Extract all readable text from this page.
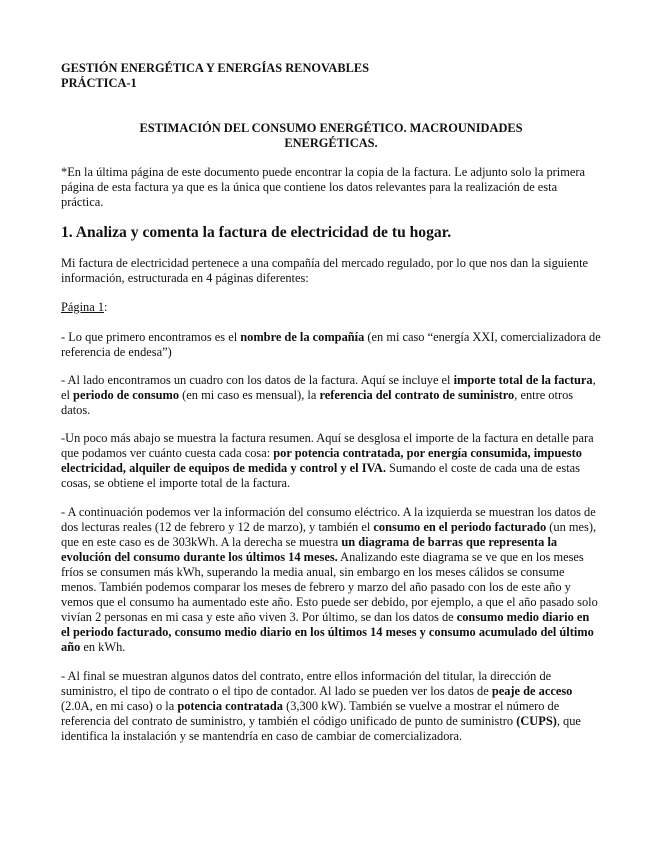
GESTIÓN ENERGÉTICA Y ENERGÍAS RENOVABLES
PRÁCTICA-1
ESTIMACIÓN DEL CONSUMO ENERGÉTICO. MACROUNIDADES
ENERGÉTICAS.

*En la última página de este documento puede encontrar la copia de la factura. Le adjunto solo la primera página de esta factura ya que es la única que contiene los datos relevantes para la realización de esta práctica.

1. Analiza y comenta la factura de electricidad de tu hogar.

Mi factura de electricidad pertenece a una compañía del mercado regulado, por lo que nos dan la siguiente información, estructurada en 4 páginas diferentes:

Página 1:

- Lo que primero encontramos es el nombre de la compañía (en mi caso “energía XXI, comercializadora de referencia de endesa”)

- Al lado encontramos un cuadro con los datos de la factura. Aquí se incluye el importe total de la factura, el periodo de consumo (en mi caso es mensual), la referencia del contrato de suministro, entre otros datos.

-Un poco más abajo se muestra la factura resumen. Aquí se desglosa el importe de la factura en detalle para que podamos ver cuánto cuesta cada cosa: por potencia contratada, por energía consumida, impuesto electricidad, alquiler de equipos de medida y control y el IVA. Sumando el coste de cada una de estas cosas, se obtiene el importe total de la factura.

- A continuación podemos ver la información del consumo eléctrico. A la izquierda se muestran los datos de dos lecturas reales (12 de febrero y 12 de marzo), y también el consumo en el periodo facturado (un mes), que en este caso es de 303kWh. A la derecha se muestra un diagrama de barras que representa la evolución del consumo durante los últimos 14 meses. Analizando este diagrama se ve que en los meses fríos se consumen más kWh, superando la media anual, sin embargo en los meses cálidos se consume menos. También podemos comparar los meses de febrero y marzo del año pasado con los de este año y vemos que el consumo ha aumentado este año. Esto puede ser debido, por ejemplo, a que el año pasado solo vivían 2 personas en mi casa y este año viven 3. Por último, se dan los datos de consumo medio diario en el periodo facturado, consumo medio diario en los últimos 14 meses y consumo acumulado del último año en kWh.

- Al final se muestran algunos datos del contrato, entre ellos información del titular, la dirección de suministro, el tipo de contrato o el tipo de contador. Al lado se pueden ver los datos de peaje de acceso (2.0A, en mi caso) o la potencia contratada (3,300 kW). También se vuelve a mostrar el número de referencia del contrato de suministro, y también el código unificado de punto de suministro (CUPS), que identifica la instalación y se mantendría en caso de cambiar de comercializadora.
